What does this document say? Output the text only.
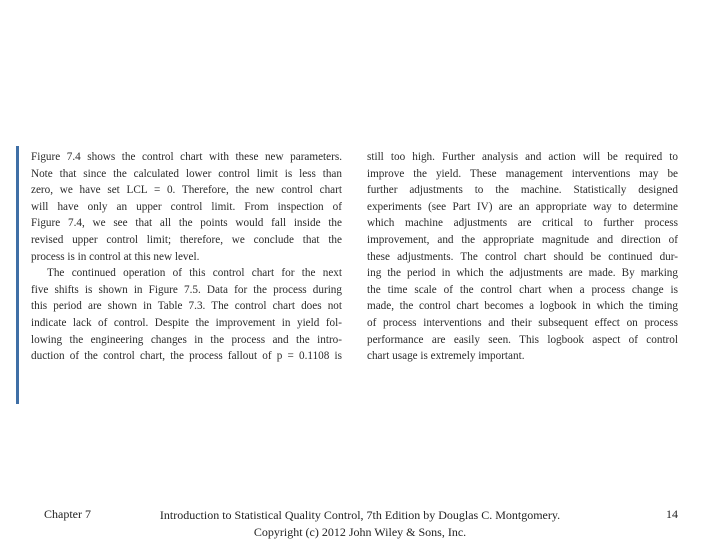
Figure 7.4 shows the control chart with these new parameters.
Note that since the calculated lower control limit is less than
zero, we have set LCL = 0. Therefore, the new control chart
will have only an upper control limit. From inspection of
Figure 7.4, we see that all the points would fall inside the
revised upper control limit; therefore, we conclude that the
process is in control at this new level.
The continued operation of this control chart for the next
five shifts is shown in Figure 7.5. Data for the process during
this period are shown in Table 7.3. The control chart does not
indicate lack of control. Despite the improvement in yield fol-
lowing the engineering changes in the process and the intro-
duction of the control chart, the process fallout of p = 0.1108 is
still too high. Further analysis and action will be required to
improve the yield. These management interventions may be
further adjustments to the machine. Statistically designed
experiments (see Part IV) are an appropriate way to determine
which machine adjustments are critical to further process
improvement, and the appropriate magnitude and direction of
these adjustments. The control chart should be continued dur-
ing the period in which the adjustments are made. By marking
the time scale of the control chart when a process change is
made, the control chart becomes a logbook in which the timing
of process interventions and their subsequent effect on process
performance are easily seen. This logbook aspect of control
chart usage is extremely important.
Chapter 7	Introduction to Statistical Quality Control, 7th Edition by Douglas C. Montgomery.
Copyright (c) 2012 John Wiley & Sons, Inc.
14
